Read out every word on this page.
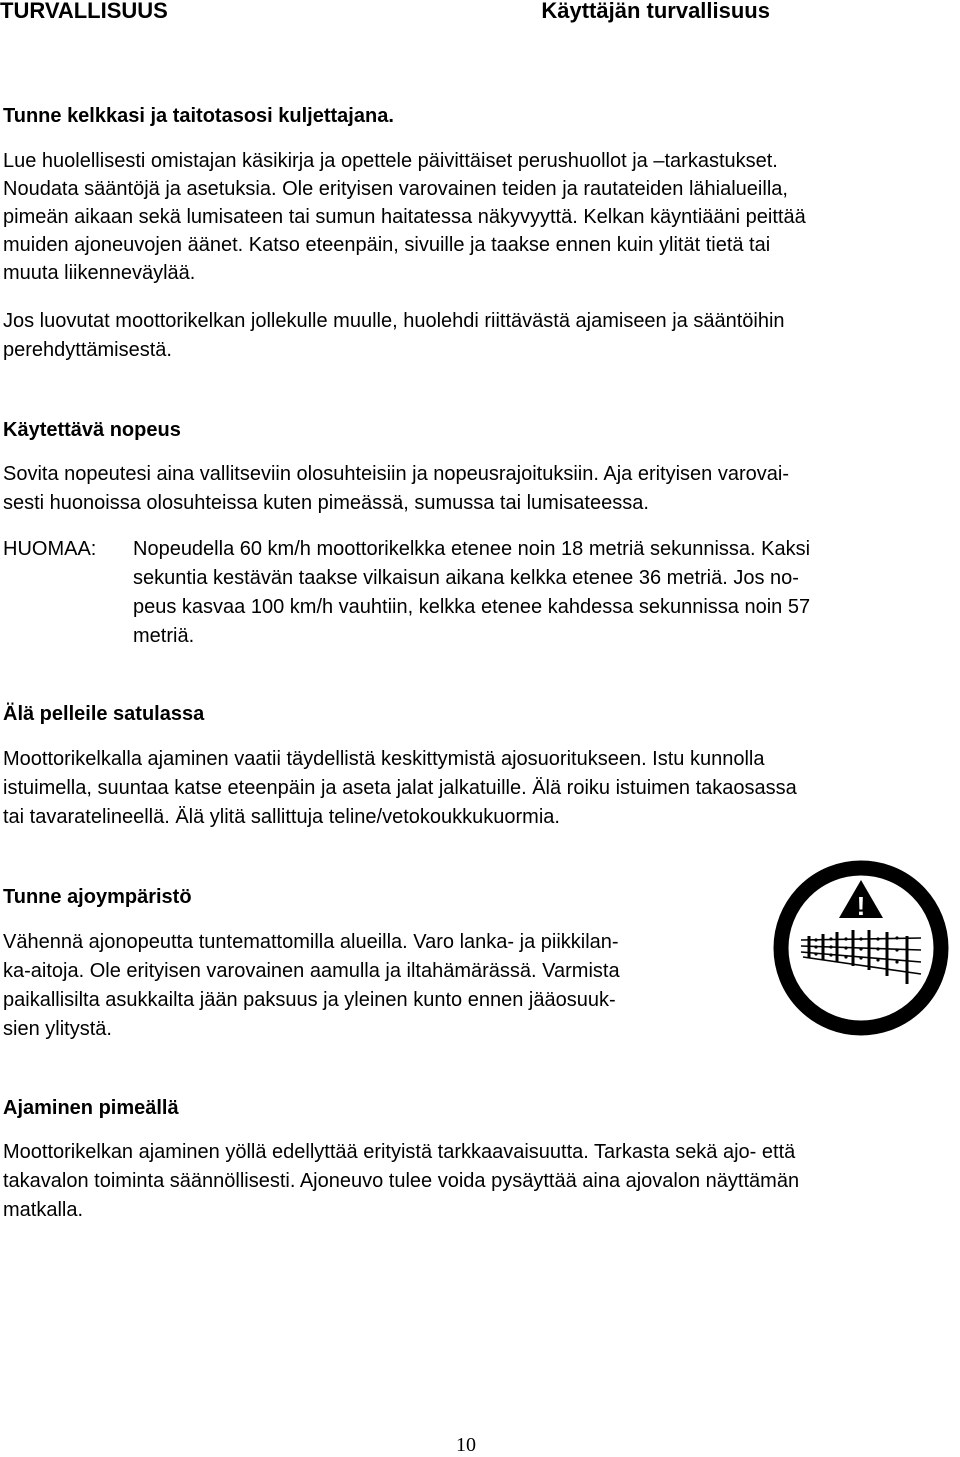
TURVALLISUUS	Käyttäjän turvallisuus
Tunne kelkkasi ja taitotasosi kuljettajana.
Lue huolellisesti omistajan käsikirja ja opettele päivittäiset perushuollot ja –tarkastukset.
Noudata sääntöjä ja asetuksia. Ole erityisen varovainen teiden ja rautateiden lähialueilla,
pimeän aikaan sekä lumisateen tai sumun haitatessa näkyvyyttä. Kelkan käyntiääni peittää
muiden ajoneuvojen äänet. Katso eteenpäin, sivuille ja taakse ennen kuin ylität tietä tai
muuta liikenneväylää.
Jos luovutat moottorikelkan jollekulle muulle, huolehdi riittävästä ajamiseen ja sääntöihin
perehdyttämisestä.
Käytettävä nopeus
Sovita nopeutesi aina vallitseviin olosuhteisiin ja nopeusrajoituksiin. Aja erityisen varovai-
sesti huonoissa olosuhteissa kuten pimeässä, sumussa tai lumisateessa.
HUOMAA: Nopeudella 60 km/h moottorikelkka etenee noin 18 metriä sekunnissa. Kaksi
sekuntia kestävän taakse vilkaisun aikana kelkka etenee 36 metriä. Jos no-
peus kasvaa 100 km/h vauhtiin, kelkka etenee kahdessa sekunnissa noin 57
metriä.
Älä pelleile satulassa
Moottorikelkalla ajaminen vaatii täydellistä keskittymistä ajosuoritukseen. Istu kunnolla
istuimella, suuntaa katse eteenpäin ja aseta jalat jalkatuille. Älä roiku istuimen takaosassa
tai tavaratelineellä. Älä ylitä sallittuja teline/vetokoukkukuormia.
Tunne ajoympäristö
Vähennä ajonopeutta tuntemattomilla alueilla. Varo lanka- ja piikkilan-
ka-aitoja. Ole erityisen varovainen aamulla ja iltahämärässä. Varmista
paikallisilta asukkailta jään paksuus ja yleinen kunto ennen jääosuuk-
sien ylitystä.
!
Ajaminen pimeällä
Moottorikelkan ajaminen yöllä edellyttää erityistä tarkkaavaisuutta. Tarkasta sekä ajo- että
takavalon toiminta säännöllisesti. Ajoneuvo tulee voida pysäyttää aina ajovalon näyttämän
matkalla.
10
